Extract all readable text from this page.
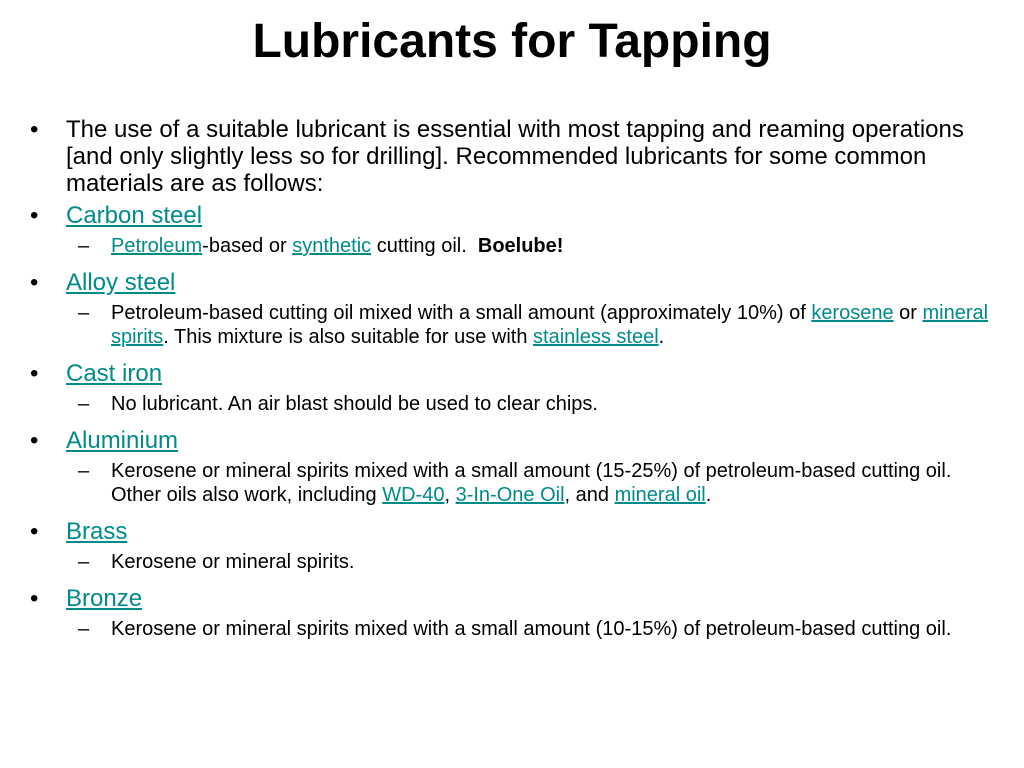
Lubricants for Tapping
• The use of a suitable lubricant is essential with most tapping and reaming operations [and only slightly less so for drilling]. Recommended lubricants for some common materials are as follows:
• Carbon steel
– Petroleum-based or synthetic cutting oil.  Boelube!
• Alloy steel
– Petroleum-based cutting oil mixed with a small amount (approximately 10%) of kerosene or mineral spirits. This mixture is also suitable for use with stainless steel.
• Cast iron
– No lubricant. An air blast should be used to clear chips.
• Aluminium
– Kerosene or mineral spirits mixed with a small amount (15-25%) of petroleum-based cutting oil. Other oils also work, including WD-40, 3-In-One Oil, and mineral oil.
• Brass
– Kerosene or mineral spirits.
• Bronze
– Kerosene or mineral spirits mixed with a small amount (10-15%) of petroleum-based cutting oil.
